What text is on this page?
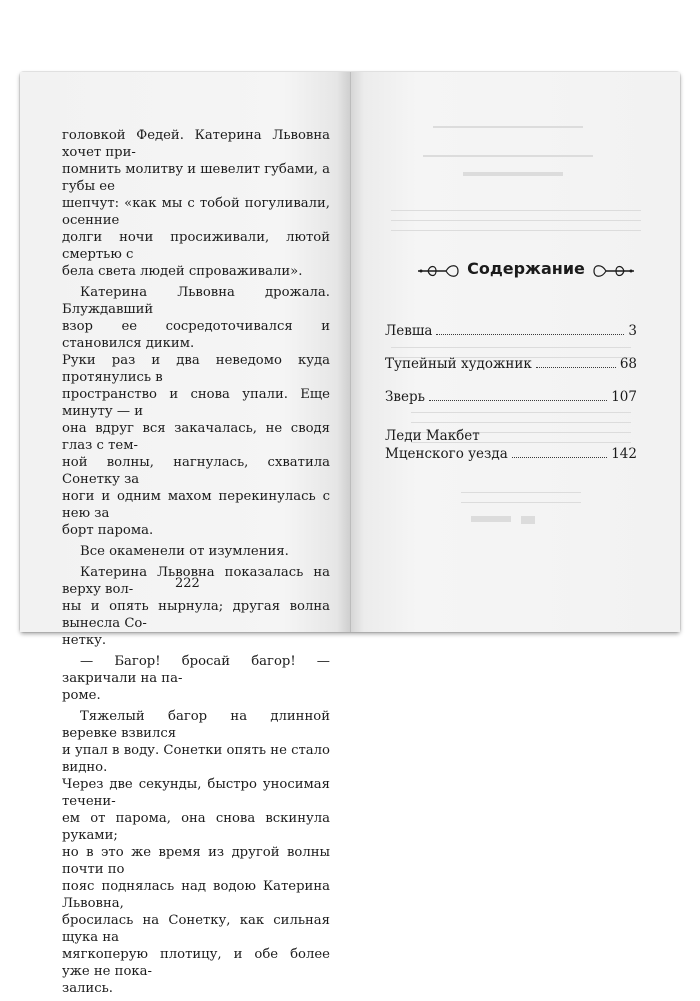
головкой Федей. Катерина Львовна хочет при-
помнить молитву и шевелит губами, а губы ее
шепчут: «как мы с тобой погуливали, осенние
долги ночи просиживали, лютой смертью с
бела света людей спроваживали».

Катерина Львовна дрожала. Блуждавший
взор ее сосредоточивался и становился диким.
Руки раз и два неведомо куда протянулись в
пространство и снова упали. Еще минуту — и
она вдруг вся закачалась, не сводя глаз с тем-
ной волны, нагнулась, схватила Сонетку за
ноги и одним махом перекинулась с нею за
борт парома.

Все окаменели от изумления.

Катерина Львовна показалась на верху вол-
ны и опять нырнула; другая волна вынесла Со-
нетку.

— Багор! бросай багор! — закричали на па-
роме.

Тяжелый багор на длинной веревке взвился
и упал в воду. Сонетки опять не стало видно.
Через две секунды, быстро уносимая течени-
ем от парома, она снова вскинула руками;
но в это же время из другой волны почти по
пояс поднялась над водою Катерина Львовна,
бросилась на Сонетку, как сильная щука на
мягкоперую плотицу, и обе более уже не пока-
зались.

222
Содержание
Левша	3
Тупейный художник	68
Зверь	107
Леди Макбет
Мценского уезда	142
